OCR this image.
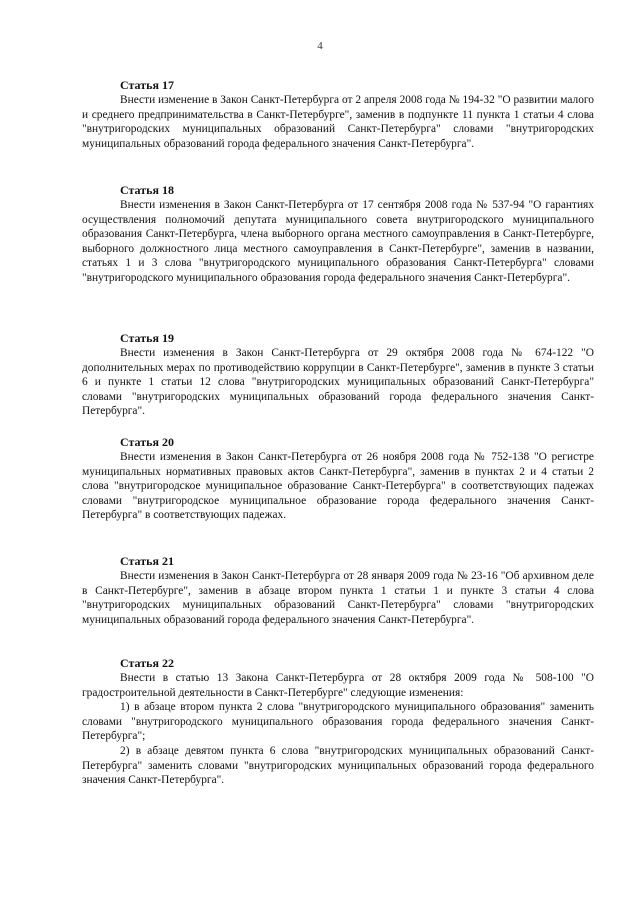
4
Статья 17

Внести изменение в Закон Санкт-Петербурга от 2 апреля 2008 года № 194-32 "О развитии малого и среднего предпринимательства в Санкт-Петербурге", заменив в подпункте 11 пункта 1 статьи 4 слова "внутригородских муниципальных образований Санкт-Петербурга" словами "внутригородских муниципальных образований города федерального значения Санкт-Петербурга".

Статья 18

Внести изменения в Закон Санкт-Петербурга от 17 сентября 2008 года № 537-94 "О гарантиях осуществления полномочий депутата муниципального совета внутригородского муниципального образования Санкт-Петербурга, члена выборного органа местного самоуправления в Санкт-Петербурге, выборного должностного лица местного самоуправления в Санкт-Петербурге", заменив в названии, статьях 1 и 3 слова "внутригородского муниципального образования Санкт-Петербурга" словами "внутригородского муниципального образования города федерального значения Санкт-Петербурга".

Статья 19

Внести изменения в Закон Санкт-Петербурга от 29 октября 2008 года № 674-122 "О дополнительных мерах по противодействию коррупции в Санкт-Петербурге", заменив в пункте 3 статьи 6 и пункте 1 статьи 12 слова "внутригородских муниципальных образований Санкт-Петербурга" словами "внутригородских муниципальных образований города федерального значения Санкт-Петербурга".

Статья 20

Внести изменения в Закон Санкт-Петербурга от 26 ноября 2008 года № 752-138 "О регистре муниципальных нормативных правовых актов Санкт-Петербурга", заменив в пунктах 2 и 4 статьи 2 слова "внутригородское муниципальное образование Санкт-Петербурга" в соответствующих падежах словами "внутригородское муниципальное образование города федерального значения Санкт-Петербурга" в соответствующих падежах.

Статья 21

Внести изменения в Закон Санкт-Петербурга от 28 января 2009 года № 23-16 "Об архивном деле в Санкт-Петербурге", заменив в абзаце втором пункта 1 статьи 1 и пункте 3 статьи 4 слова "внутригородских муниципальных образований Санкт-Петербурга" словами "внутригородских муниципальных образований города федерального значения Санкт-Петербурга".

Статья 22

Внести в статью 13 Закона Санкт-Петербурга от 28 октября 2009 года № 508-100 "О градостроительной деятельности в Санкт-Петербурге" следующие изменения:

1) в абзаце втором пункта 2 слова "внутригородского муниципального образования" заменить словами "внутригородского муниципального образования города федерального значения Санкт-Петербурга";

2) в абзаце девятом пункта 6 слова "внутригородских муниципальных образований Санкт-Петербурга" заменить словами "внутригородских муниципальных образований города федерального значения Санкт-Петербурга".
